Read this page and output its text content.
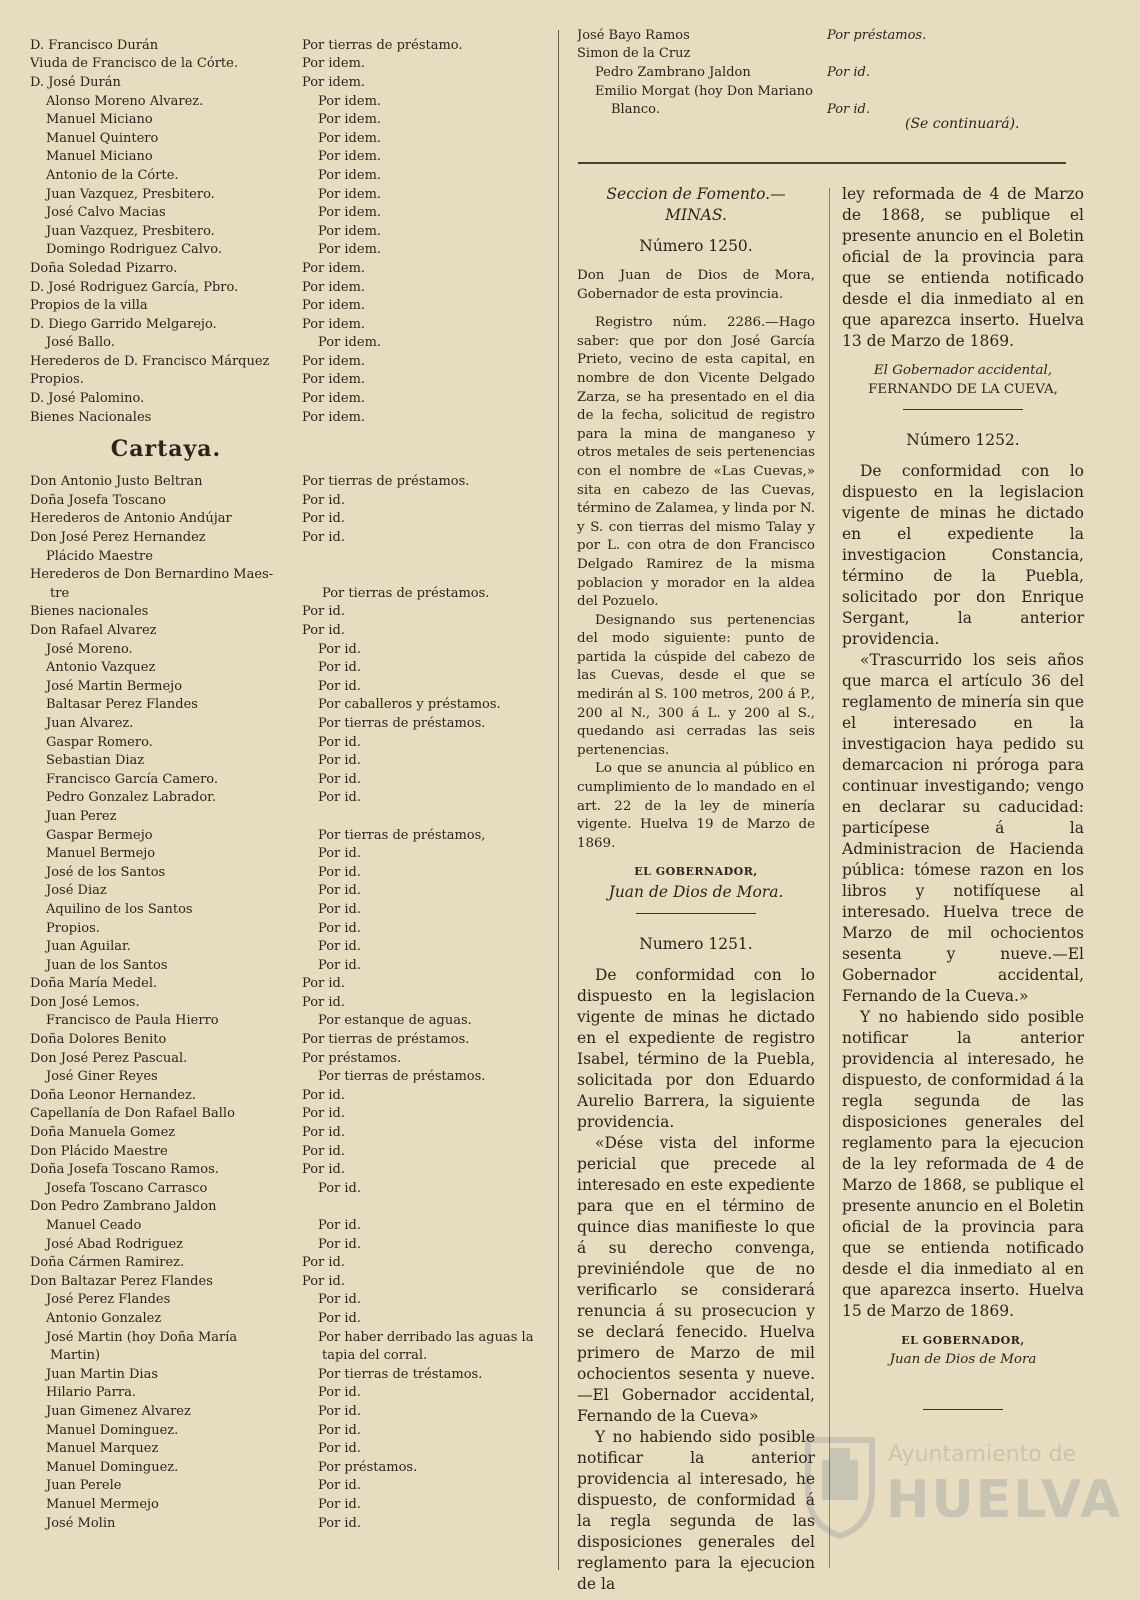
D. Francisco Durán	Por tierras de préstamo.
Viuda de Francisco de la Córte.	Por idem.
D. José Durán	Por idem.
Alonso Moreno Alvarez.	Por idem.
Manuel Miciano	Por idem.
Manuel Quintero	Por idem.
Manuel Miciano	Por idem.
Antonio de la Córte.	Por idem.
Juan Vazquez, Presbitero.	Por idem.
José Calvo Macias	Por idem.
Juan Vazquez, Presbitero.	Por idem.
Domingo Rodriguez Calvo.	Por idem.
Doña Soledad Pizarro.	Por idem.
D. José Rodriguez García, Pbro.	Por idem.
Propios de la villa	Por idem.
D. Diego Garrido Melgarejo.	Por idem.
José Ballo.	Por idem.
Herederos de D. Francisco Márquez	Por idem.
Propios.	Por idem.
D. José Palomino.	Por idem.
Bienes Nacionales	Por idem.
Cartaya.
Don Antonio Justo Beltran	Por tierras de préstamos.
Doña Josefa Toscano	Por id.
Herederos de Antonio Andújar	Por id.
Don José Perez Hernandez	Por id.
Plácido Maestre
Herederos de Don Bernardino Maes-
tre	Por tierras de préstamos.
Bienes nacionales	Por id.
Don Rafael Alvarez	Por id.
José Moreno.	Por id.
Antonio Vazquez	Por id.
José Martin Bermejo	Por id.
Baltasar Perez Flandes	Por caballeros y préstamos.
Juan Alvarez.	Por tierras de préstamos.
Gaspar Romero.	Por id.
Sebastian Diaz	Por id.
Francisco García Camero.	Por id.
Pedro Gonzalez Labrador.	Por id.
Juan Perez
Gaspar Bermejo	Por tierras de préstamos,
Manuel Bermejo	Por id.
José de los Santos	Por id.
José Diaz	Por id.
Aquilino de los Santos	Por id.
Propios.	Por id.
Juan Aguilar.	Por id.
Juan de los Santos	Por id.
Doña María Medel.	Por id.
Don José Lemos.	Por id.
Francisco de Paula Hierro	Por estanque de aguas.
Doña Dolores Benito	Por tierras de préstamos.
Don José Perez Pascual.	Por préstamos.
José Giner Reyes	Por tierras de préstamos.
Doña Leonor Hernandez.	Por id.
Capellanía de Don Rafael Ballo	Por id.
Doña Manuela Gomez	Por id.
Don Plácido Maestre	Por id.
Doña Josefa Toscano Ramos.	Por id.
Josefa Toscano Carrasco	Por id.
Don Pedro Zambrano Jaldon
Manuel Ceado	Por id.
José Abad Rodriguez	Por id.
Doña Cármen Ramirez.	Por id.
Don Baltazar Perez Flandes	Por id.
José Perez Flandes	Por id.
Antonio Gonzalez	Por id.
José Martin (hoy Doña María	Por haber derribado las aguas la
Martin)	tapia del corral.
Juan Martin Dias	Por tierras de tréstamos.
Hilario Parra.	Por id.
Juan Gimenez Alvarez	Por id.
Manuel Dominguez.	Por id.
Manuel Marquez	Por id.
Manuel Dominguez.	Por préstamos.
Juan Perele	Por id.
Manuel Mermejo	Por id.
José Molin	Por id.
José Bayo Ramos	Por préstamos.
Simon de la Cruz
Pedro Zambrano Jaldon	Por id.
Emilio Morgat (hoy Don Mariano
Blanco.	Por id.
(Se continuará).

Seccion de Fomento.— MINAS.

Número 1250.

Don Juan de Dios de Mora, Gobernador de esta provincia.

Registro núm. 2286.—Hago saber: que por don José García Prieto, vecino de esta capital, en nombre de don Vicente Delgado Zarza, se ha presentado en el dia de la fecha, solicitud de registro para la mina de manganeso y otros metales de seis pertenencias con el nombre de «Las Cuevas,» sita en cabezo de las Cuevas, término de Zalamea, y linda por N. y S. con tierras del mismo Talay y por L. con otra de don Francisco Delgado Ramirez de la misma poblacion y morador en la aldea del Pozuelo.

Designando sus pertenencias del modo siguiente: punto de partida la cúspide del cabezo de las Cuevas, desde el que se medirán al S. 100 metros, 200 á P., 200 al N., 300 á L. y 200 al S., quedando asi cerradas las seis pertenencias.

Lo que se anuncia al público en cumplimiento de lo mandado en el art. 22 de la ley de minería vigente. Huelva 19 de Marzo de 1869.

EL GOBERNADOR,

Juan de Dios de Mora.

Numero 1251.

De conformidad con lo dispuesto en la legislacion vigente de minas he dictado en el expediente de registro Isabel, término de la Puebla, solicitada por don Eduardo Aurelio Barrera, la siguiente providencia.

«Dése vista del informe pericial que precede al interesado en este expediente para que en el término de quince dias manifieste lo que á su derecho convenga, previniéndole que de no verificarlo se considerará renuncia á su prosecucion y se declará fenecido. Huelva primero de Marzo de mil ochocientos sesenta y nueve.—El Gobernador accidental, Fernando de la Cueva»

Y no habiendo sido posible notificar la anterior providencia al interesado, he dispuesto, de conformidad á la regla segunda de las disposiciones generales del reglamento para la ejecucion de la

ley reformada de 4 de Marzo de 1868, se publique el presente anuncio en el Boletin oficial de la provincia para que se entienda notificado desde el dia inmediato al en que aparezca inserto. Huelva 13 de Marzo de 1869.

El Gobernador accidental,

FERNANDO DE LA CUEVA,

Número 1252.

De conformidad con lo dispuesto en la legislacion vigente de minas he dictado en el expediente la investigacion Constancia, término de la Puebla, solicitado por don Enrique Sergant, la anterior providencia.

«Trascurrido los seis años que marca el artículo 36 del reglamento de minería sin que el interesado en la investigacion haya pedido su demarcacion ni próroga para continuar investigando; vengo en declarar su caducidad: particípese á la Administracion de Hacienda pública: tómese razon en los libros y notifíquese al interesado. Huelva trece de Marzo de mil ochocientos sesenta y nueve.—El Gobernador accidental, Fernando de la Cueva.»

Y no habiendo sido posible notificar la anterior providencia al interesado, he dispuesto, de conformidad á la regla segunda de las disposiciones generales del reglamento para la ejecucion de la ley reformada de 4 de Marzo de 1868, se publique el presente anuncio en el Boletin oficial de la provincia para que se entienda notificado desde el dia inmediato al en que aparezca inserto. Huelva 15 de Marzo de 1869.

EL GOBERNADOR,

Juan de Dios de Mora

Ayuntamiento de
HUELVA
